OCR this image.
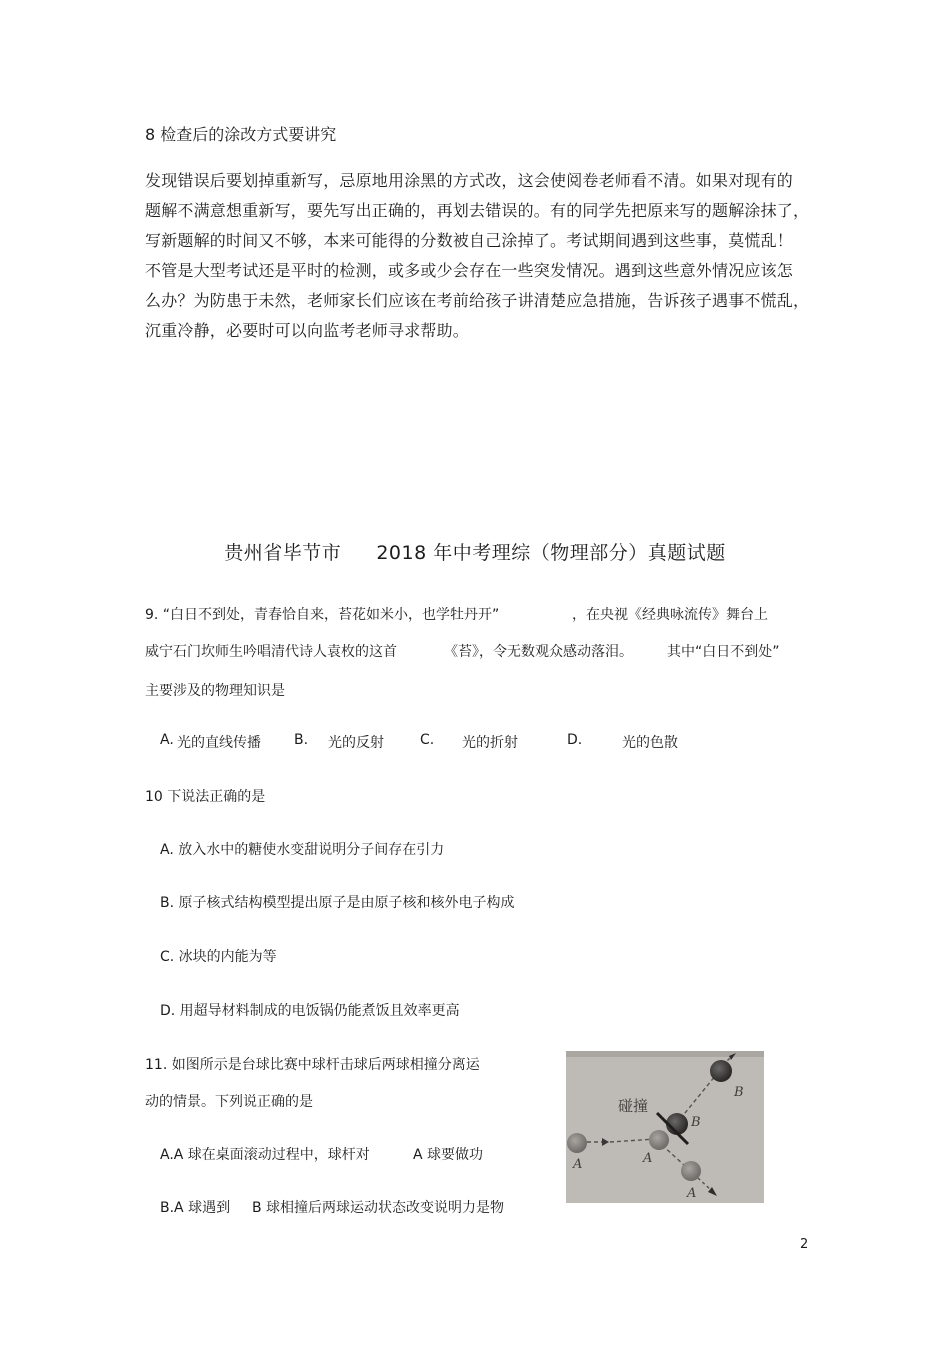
8 检查后的涂改方式要讲究
发现错误后要划掉重新写，忌原地用涂黑的方式改，这会使阅卷老师看不清。如果对现有的
题解不满意想重新写，要先写出正确的，再划去错误的。有的同学先把原来写的题解涂抹了，
写新题解的时间又不够，本来可能得的分数被自己涂掉了。考试期间遇到这些事，莫慌乱！
不管是大型考试还是平时的检测，或多或少会存在一些突发情况。遇到这些意外情况应该怎
么办？为防患于未然，老师家长们应该在考前给孩子讲清楚应急措施，告诉孩子遇事不慌乱，
沉重冷静，必要时可以向监考老师寻求帮助。
贵州省毕节市 2018 年中考理综（物理部分）真题试题
9. “白日不到处，青春恰自来，苔花如米小，也学牡丹开”	，在央视《经典咏流传》舞台上
威宁石门坎师生吟唱清代诗人袁枚的这首	《苔》，令无数观众感动落泪。 其中“白日不到处”
主要涉及的物理知识是
A. 光的直线传播 B. 光的反射	C. 光的折射	D.	光的色散
10 下说法正确的是
A. 放入水中的糖使水变甜说明分子间存在引力
B. 原子核式结构模型提出原子是由原子核和核外电子构成
C. 冰块的内能为等
D. 用超导材料制成的电饭锅仍能煮饭且效率更高
11. 如图所示是台球比赛中球杆击球后两球相撞分离运
动的情景。下列说正确的是
A.A 球在桌面滚动过程中，球杆对	A 球要做功
B.A 球遇到 B 球相撞后两球运动状态改变说明力是物
碰撞
B
B
A	A
A
2
